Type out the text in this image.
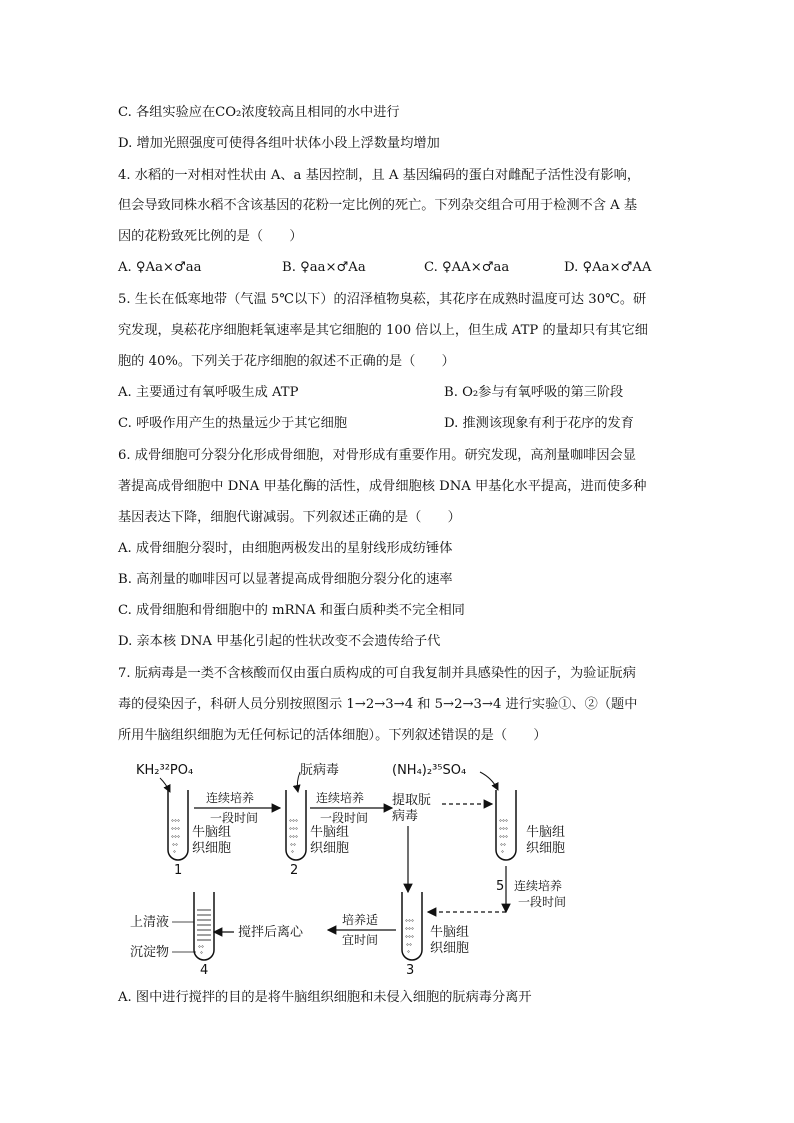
C. 各组实验应在CO₂浓度较高且相同的水中进行
D. 增加光照强度可使得各组叶状体小段上浮数量均增加
4. 水稻的一对相对性状由 A、a 基因控制，且 A 基因编码的蛋白对雌配子活性没有影响，
但会导致同株水稻不含该基因的花粉一定比例的死亡。下列杂交组合可用于检测不含 A 基
因的花粉致死比例的是（　　）
A. ♀Aa×♂aa	B. ♀aa×♂Aa	C. ♀AA×♂aa	D. ♀Aa×♂AA
5. 生长在低寒地带（气温 5℃以下）的沼泽植物臭菘，其花序在成熟时温度可达 30℃。研
究发现，臭菘花序细胞耗氧速率是其它细胞的 100 倍以上，但生成 ATP 的量却只有其它细
胞的 40%。下列关于花序细胞的叙述不正确的是（　　）
A. 主要通过有氧呼吸生成 ATP	B. O₂参与有氧呼吸的第三阶段
C. 呼吸作用产生的热量远少于其它细胞	D. 推测该现象有利于花序的发育
6. 成骨细胞可分裂分化形成骨细胞，对骨形成有重要作用。研究发现，高剂量咖啡因会显
著提高成骨细胞中 DNA 甲基化酶的活性，成骨细胞核 DNA 甲基化水平提高，进而使多种
基因表达下降，细胞代谢减弱。下列叙述正确的是（　　）
A. 成骨细胞分裂时，由细胞两极发出的星射线形成纺锤体
B. 高剂量的咖啡因可以显著提高成骨细胞分裂分化的速率
C. 成骨细胞和骨细胞中的 mRNA 和蛋白质种类不完全相同
D. 亲本核 DNA 甲基化引起的性状改变不会遗传给子代
7. 朊病毒是一类不含核酸而仅由蛋白质构成的可自我复制并具感染性的因子，为验证朊病
毒的侵染因子，科研人员分别按照图示 1→2→3→4 和 5→2→3→4 进行实验①、②（题中
所用牛脑组织细胞为无任何标记的活体细胞）。下列叙述错误的是（　　）
°°°
°°°
°°°
°°
°
KH₂³²PO₄
牛脑组
织细胞
1
连续培养
一段时间	°°°
°°°
°°°
°°
°
朊病毒
牛脑组
织细胞
2
连续培养
一段时间
提取朊
病毒	°°°
°°°
°°°
°°
°
(NH₄)₂³⁵SO₄
牛脑组
织细胞
5 连续培养
一段时间
°°°
°°°
°°°
°°
°
牛脑组
织细胞
3
培养适
宜时间
搅拌后离心
°°
°
上清液
沉淀物
4
A. 图中进行搅拌的目的是将牛脑组织细胞和未侵入细胞的朊病毒分离开
